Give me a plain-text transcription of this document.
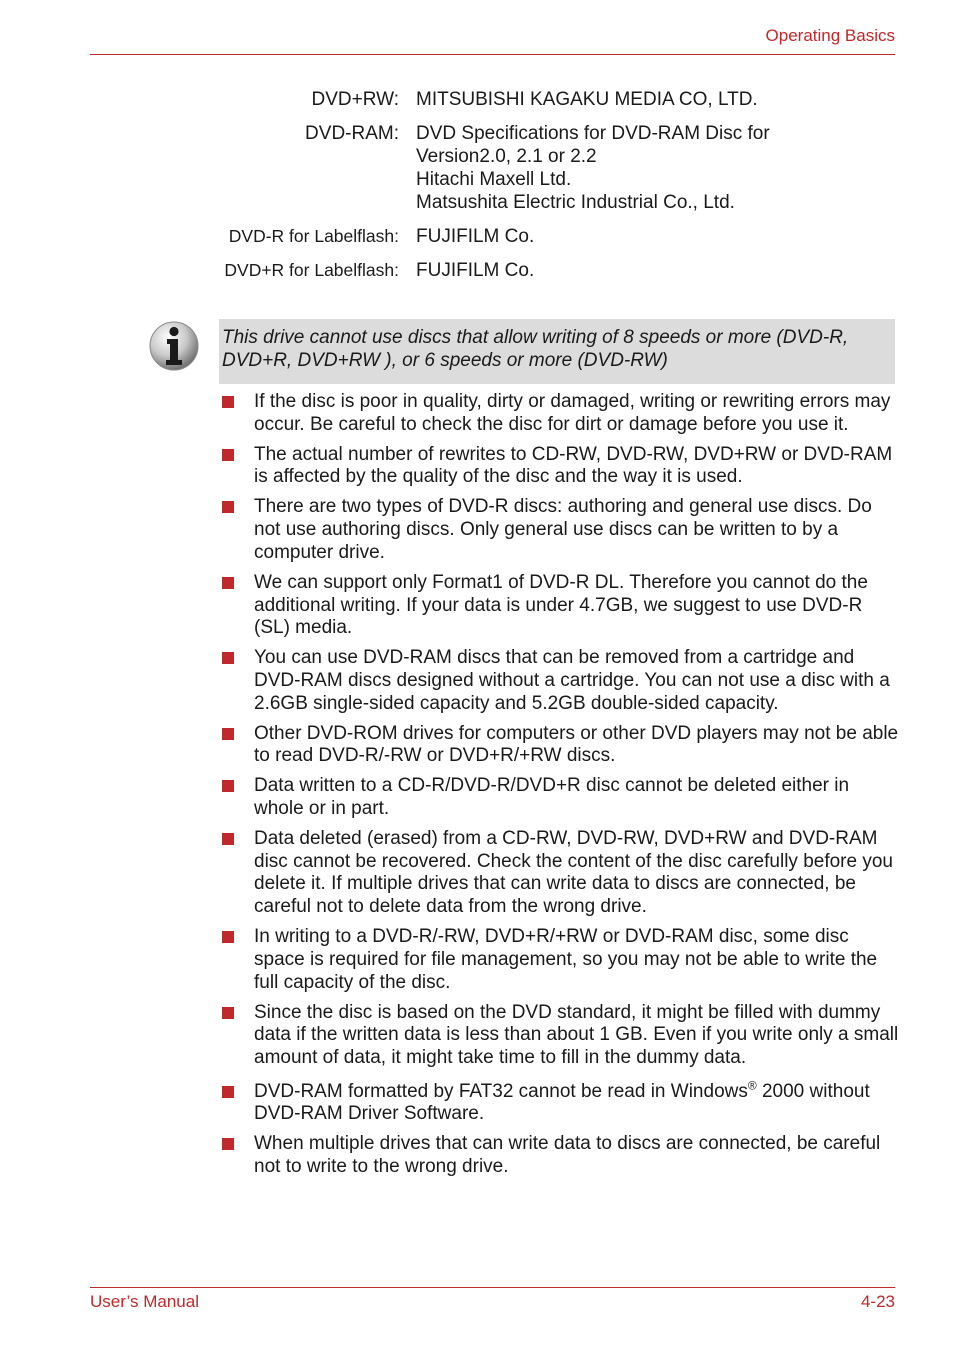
Operating Basics
DVD+RW: MITSUBISHI KAGAKU MEDIA CO, LTD.
DVD-RAM: DVD Specifications for DVD-RAM Disc for
Version2.0, 2.1 or 2.2
Hitachi Maxell Ltd.
Matsushita Electric Industrial Co., Ltd.
DVD-R for Labelflash: FUJIFILM Co.
DVD+R for Labelflash: FUJIFILM Co.
This drive cannot use discs that allow writing of 8 speeds or more (DVD-R, DVD+R, DVD+RW ), or 6 speeds or more (DVD-RW)
If the disc is poor in quality, dirty or damaged, writing or rewriting errors may occur. Be careful to check the disc for dirt or damage before you use it.
The actual number of rewrites to CD-RW, DVD-RW, DVD+RW or DVD-RAM is affected by the quality of the disc and the way it is used.
There are two types of DVD-R discs: authoring and general use discs. Do not use authoring discs. Only general use discs can be written to by a computer drive.
We can support only Format1 of DVD-R DL. Therefore you cannot do the additional writing. If your data is under 4.7GB, we suggest to use DVD-R (SL) media.
You can use DVD-RAM discs that can be removed from a cartridge and DVD-RAM discs designed without a cartridge. You can not use a disc with a 2.6GB single-sided capacity and 5.2GB double-sided capacity.
Other DVD-ROM drives for computers or other DVD players may not be able to read DVD-R/-RW or DVD+R/+RW discs.
Data written to a CD-R/DVD-R/DVD+R disc cannot be deleted either in whole or in part.
Data deleted (erased) from a CD-RW, DVD-RW, DVD+RW and DVD-RAM disc cannot be recovered. Check the content of the disc carefully before you delete it. If multiple drives that can write data to discs are connected, be careful not to delete data from the wrong drive.
In writing to a DVD-R/-RW, DVD+R/+RW or DVD-RAM disc, some disc space is required for file management, so you may not be able to write the full capacity of the disc.
Since the disc is based on the DVD standard, it might be filled with dummy data if the written data is less than about 1 GB. Even if you write only a small amount of data, it might take time to fill in the dummy data.
DVD-RAM formatted by FAT32 cannot be read in Windows® 2000 without DVD-RAM Driver Software.
When multiple drives that can write data to discs are connected, be careful not to write to the wrong drive.
User’s Manual	4-23
